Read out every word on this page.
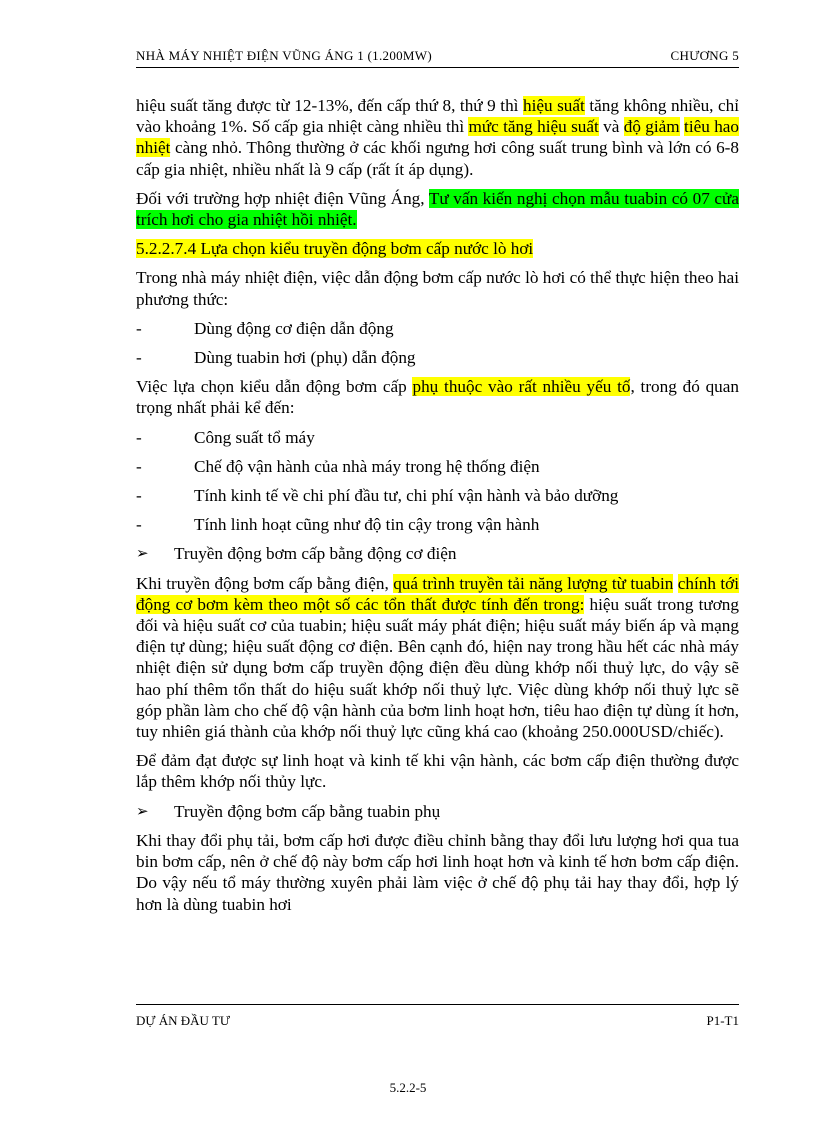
NHÀ MÁY NHIỆT ĐIỆN VŨNG ÁNG 1 (1.200MW)	CHƯƠNG 5

hiệu suất tăng được từ 12-13%, đến cấp thứ 8, thứ 9 thì hiệu suất tăng không nhiều, chỉ vào khoảng 1%. Số cấp gia nhiệt càng nhiều thì mức tăng hiệu suất và độ giảm tiêu hao nhiệt càng nhỏ. Thông thường ở các khối ngưng hơi công suất trung bình và lớn có 6-8 cấp gia nhiệt, nhiều nhất là 9 cấp (rất ít áp dụng).

Đối với trường hợp nhiệt điện Vũng Áng, Tư vấn kiến nghị chọn mẫu tuabin có 07 cửa trích hơi cho gia nhiệt hồi nhiệt.

5.2.2.7.4 Lựa chọn kiểu truyền động bơm cấp nước lò hơi

Trong nhà máy nhiệt điện, việc dẫn động bơm cấp nước lò hơi có thể thực hiện theo hai phương thức:

-	Dùng động cơ điện dẫn động
-	Dùng tuabin hơi (phụ) dẫn động

Việc lựa chọn kiểu dẫn động bơm cấp phụ thuộc vào rất nhiều yếu tố, trong đó quan trọng nhất phải kể đến:

-	Công suất tổ máy
-	Chế độ vận hành của nhà máy trong hệ thống điện
-	Tính kinh tế về chi phí đầu tư, chi phí vận hành và bảo dưỡng
-	Tính linh hoạt cũng như độ tin cậy trong vận hành
➢	Truyền động bơm cấp bằng động cơ điện

Khi truyền động bơm cấp bằng điện, quá trình truyền tải năng lượng từ tuabin chính tới động cơ bơm kèm theo một số các tổn thất được tính đến trong: hiệu suất trong tương đối và hiệu suất cơ của tuabin; hiệu suất máy phát điện; hiệu suất máy biến áp và mạng điện tự dùng; hiệu suất động cơ điện. Bên cạnh đó, hiện nay trong hầu hết các nhà máy nhiệt điện sử dụng bơm cấp truyền động điện đều dùng khớp nối thuỷ lực, do vậy sẽ hao phí thêm tổn thất do hiệu suất khớp nối thuỷ lực. Việc dùng khớp nối thuỷ lực sẽ góp phần làm cho chế độ vận hành của bơm linh hoạt hơn, tiêu hao điện tự dùng ít hơn, tuy nhiên giá thành của khớp nối thuỷ lực cũng khá cao (khoảng 250.000USD/chiếc).

Để đảm đạt được sự linh hoạt và kinh tế khi vận hành, các bơm cấp điện thường được lắp thêm khớp nối thủy lực.

➢	Truyền động bơm cấp bằng tuabin phụ

Khi thay đổi phụ tải, bơm cấp hơi được điều chỉnh bằng thay đổi lưu lượng hơi qua tua bin bơm cấp, nên ở chế độ này bơm cấp hơi linh hoạt hơn và kinh tế hơn bơm cấp điện. Do vậy nếu tổ máy thường xuyên phải làm việc ở chế độ phụ tải hay thay đổi, hợp lý hơn là dùng tuabin hơi

DỰ ÁN ĐẦU TƯ	P1-T1
5.2.2-5
